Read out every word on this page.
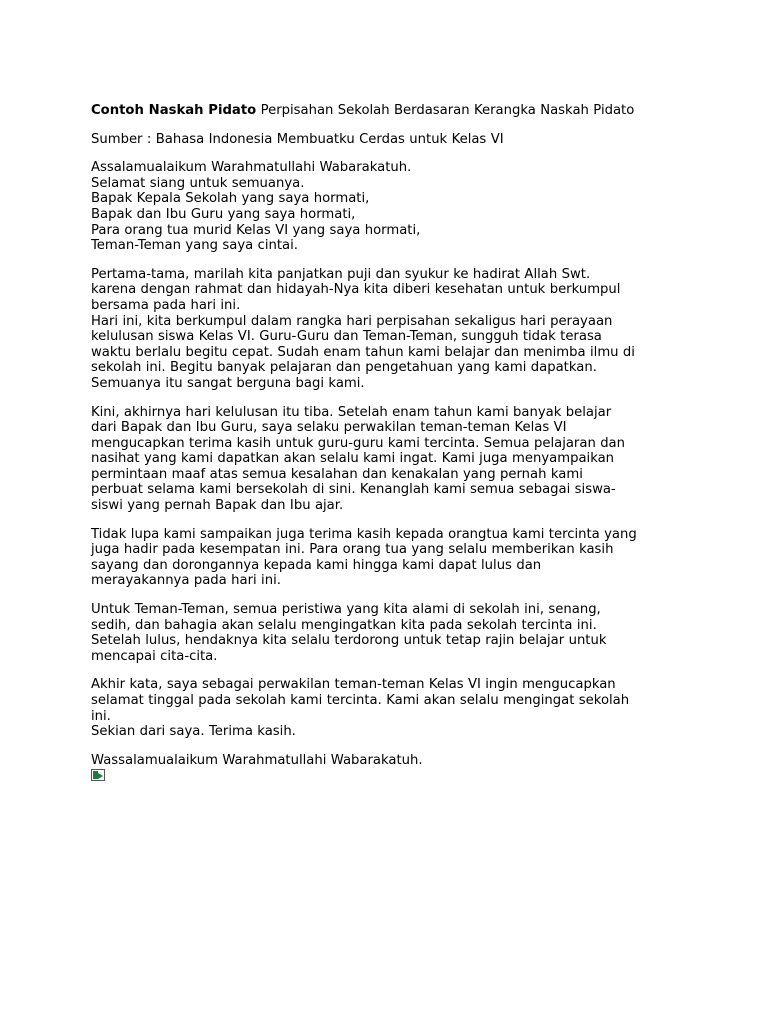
Contoh Naskah Pidato Perpisahan Sekolah Berdasaran Kerangka Naskah Pidato

Sumber : Bahasa Indonesia Membuatku Cerdas untuk Kelas VI

Assalamualaikum Warahmatullahi Wabarakatuh.
Selamat siang untuk semuanya.
Bapak Kepala Sekolah yang saya hormati,
Bapak dan Ibu Guru yang saya hormati,
Para orang tua murid Kelas VI yang saya hormati,
Teman-Teman yang saya cintai.

Pertama-tama, marilah kita panjatkan puji dan syukur ke hadirat Allah Swt.
karena dengan rahmat dan hidayah-Nya kita diberi kesehatan untuk berkumpul
bersama pada hari ini.

Hari ini, kita berkumpul dalam rangka hari perpisahan sekaligus hari perayaan
kelulusan siswa Kelas VI. Guru-Guru dan Teman-Teman, sungguh tidak terasa
waktu berlalu begitu cepat. Sudah enam tahun kami belajar dan menimba ilmu di
sekolah ini. Begitu banyak pelajaran dan pengetahuan yang kami dapatkan.
Semuanya itu sangat berguna bagi kami.

Kini, akhirnya hari kelulusan itu tiba. Setelah enam tahun kami banyak belajar
dari Bapak dan Ibu Guru, saya selaku perwakilan teman-teman Kelas VI
mengucapkan terima kasih untuk guru-guru kami tercinta. Semua pelajaran dan
nasihat yang kami dapatkan akan selalu kami ingat. Kami juga menyampaikan
permintaan maaf atas semua kesalahan dan kenakalan yang pernah kami
perbuat selama kami bersekolah di sini. Kenanglah kami semua sebagai siswa-
siswi yang pernah Bapak dan Ibu ajar.

Tidak lupa kami sampaikan juga terima kasih kepada orangtua kami tercinta yang
juga hadir pada kesempatan ini. Para orang tua yang selalu memberikan kasih
sayang dan dorongannya kepada kami hingga kami dapat lulus dan
merayakannya pada hari ini.

Untuk Teman-Teman, semua peristiwa yang kita alami di sekolah ini, senang,
sedih, dan bahagia akan selalu mengingatkan kita pada sekolah tercinta ini.
Setelah lulus, hendaknya kita selalu terdorong untuk tetap rajin belajar untuk
mencapai cita-cita.

Akhir kata, saya sebagai perwakilan teman-teman Kelas VI ingin mengucapkan
selamat tinggal pada sekolah kami tercinta. Kami akan selalu mengingat sekolah
ini.
Sekian dari saya. Terima kasih.

Wassalamualaikum Warahmatullahi Wabarakatuh.
